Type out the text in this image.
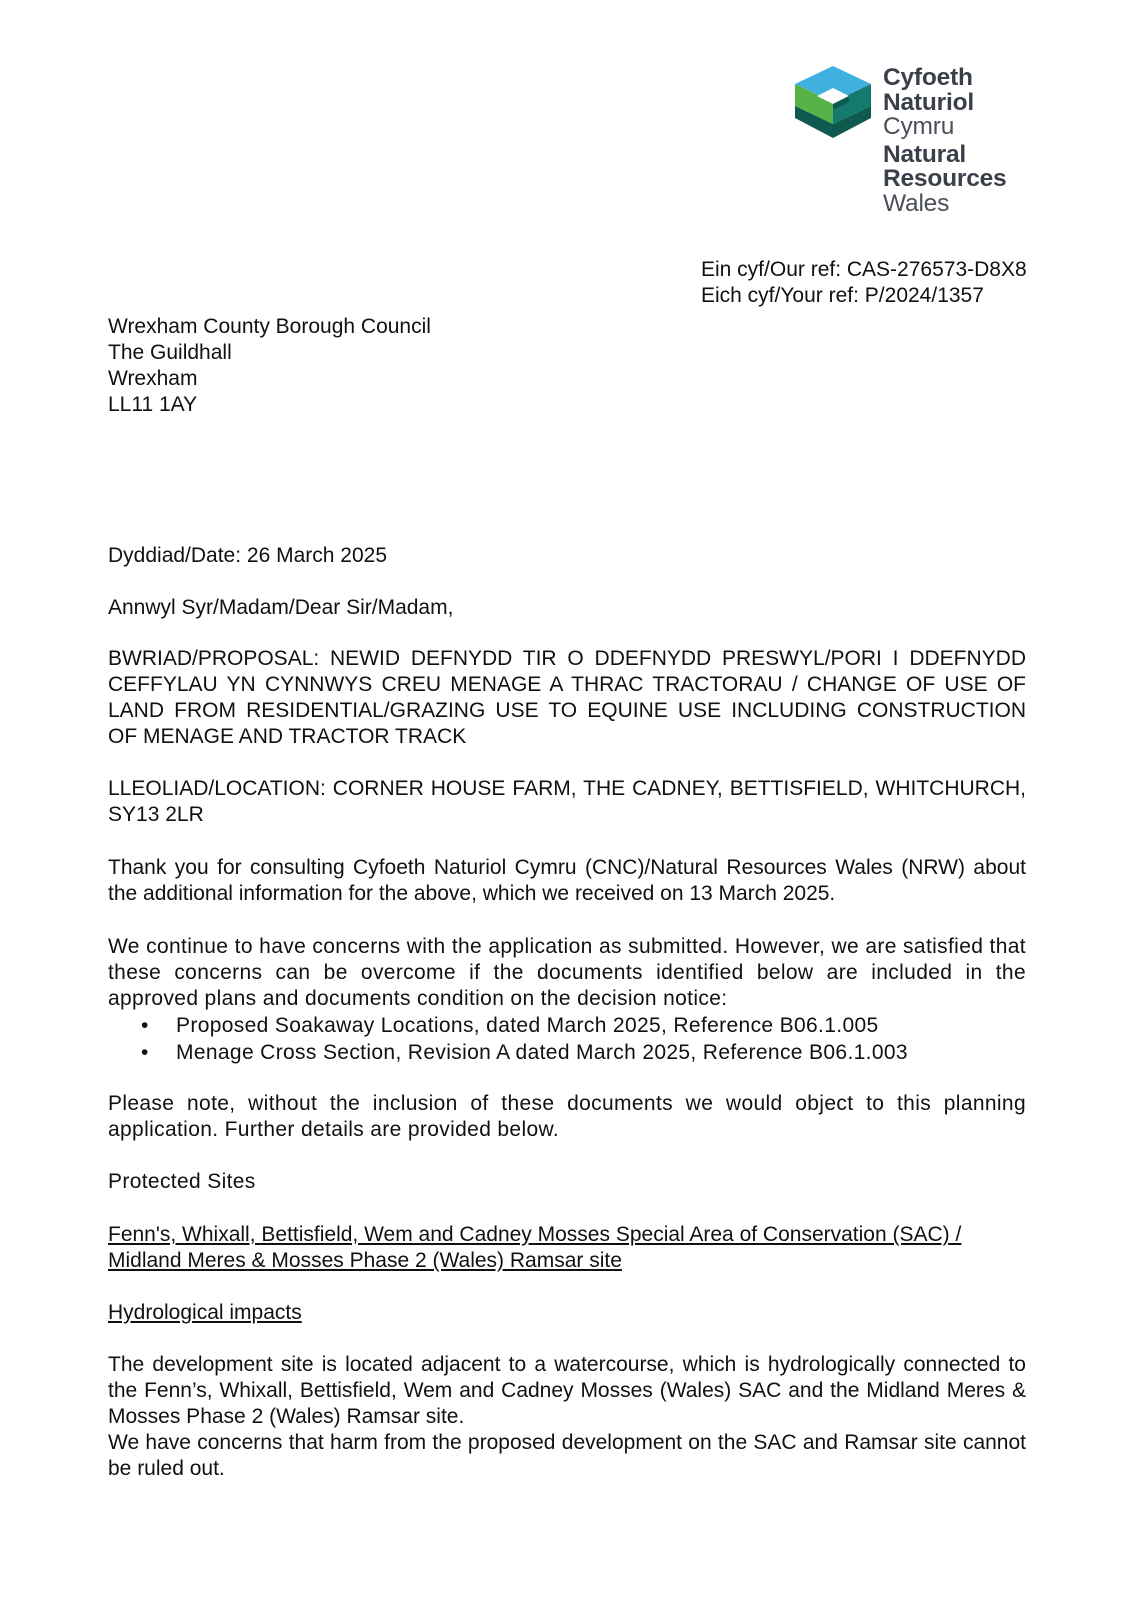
Cyfoeth
Naturiol
Cymru
Natural
Resources
Wales
Ein cyf/Our ref: CAS-276573-D8X8
Eich cyf/Your ref: P/2024/1357
Wrexham County Borough Council
The Guildhall
Wrexham
LL11 1AY
Dyddiad/Date: 26 March 2025
Annwyl Syr/Madam/Dear Sir/Madam,
BWRIAD/PROPOSAL: NEWID DEFNYDD TIR O DDEFNYDD PRESWYL/PORI I DDEFNYDD CEFFYLAU YN CYNNWYS CREU MENAGE A THRAC TRACTORAU / CHANGE OF USE OF LAND FROM RESIDENTIAL/GRAZING USE TO EQUINE USE INCLUDING CONSTRUCTION OF MENAGE AND TRACTOR TRACK
LLEOLIAD/LOCATION: CORNER HOUSE FARM, THE CADNEY, BETTISFIELD, WHITCHURCH, SY13 2LR
Thank you for consulting Cyfoeth Naturiol Cymru (CNC)/Natural Resources Wales (NRW) about the additional information for the above, which we received on 13 March 2025.
We continue to have concerns with the application as submitted. However, we are satisfied that these concerns can be overcome if the documents identified below are included in the approved plans and documents condition on the decision notice:
• Proposed Soakaway Locations, dated March 2025, Reference B06.1.005
• Menage Cross Section, Revision A dated March 2025, Reference B06.1.003
Please note, without the inclusion of these documents we would object to this planning application. Further details are provided below.
Protected Sites
Fenn's, Whixall, Bettisfield, Wem and Cadney Mosses Special Area of Conservation (SAC) / Midland Meres & Mosses Phase 2 (Wales) Ramsar site
Hydrological impacts
The development site is located adjacent to a watercourse, which is hydrologically connected to the Fenn’s, Whixall, Bettisfield, Wem and Cadney Mosses (Wales) SAC and the Midland Meres & Mosses Phase 2 (Wales) Ramsar site.
We have concerns that harm from the proposed development on the SAC and Ramsar site cannot be ruled out.
